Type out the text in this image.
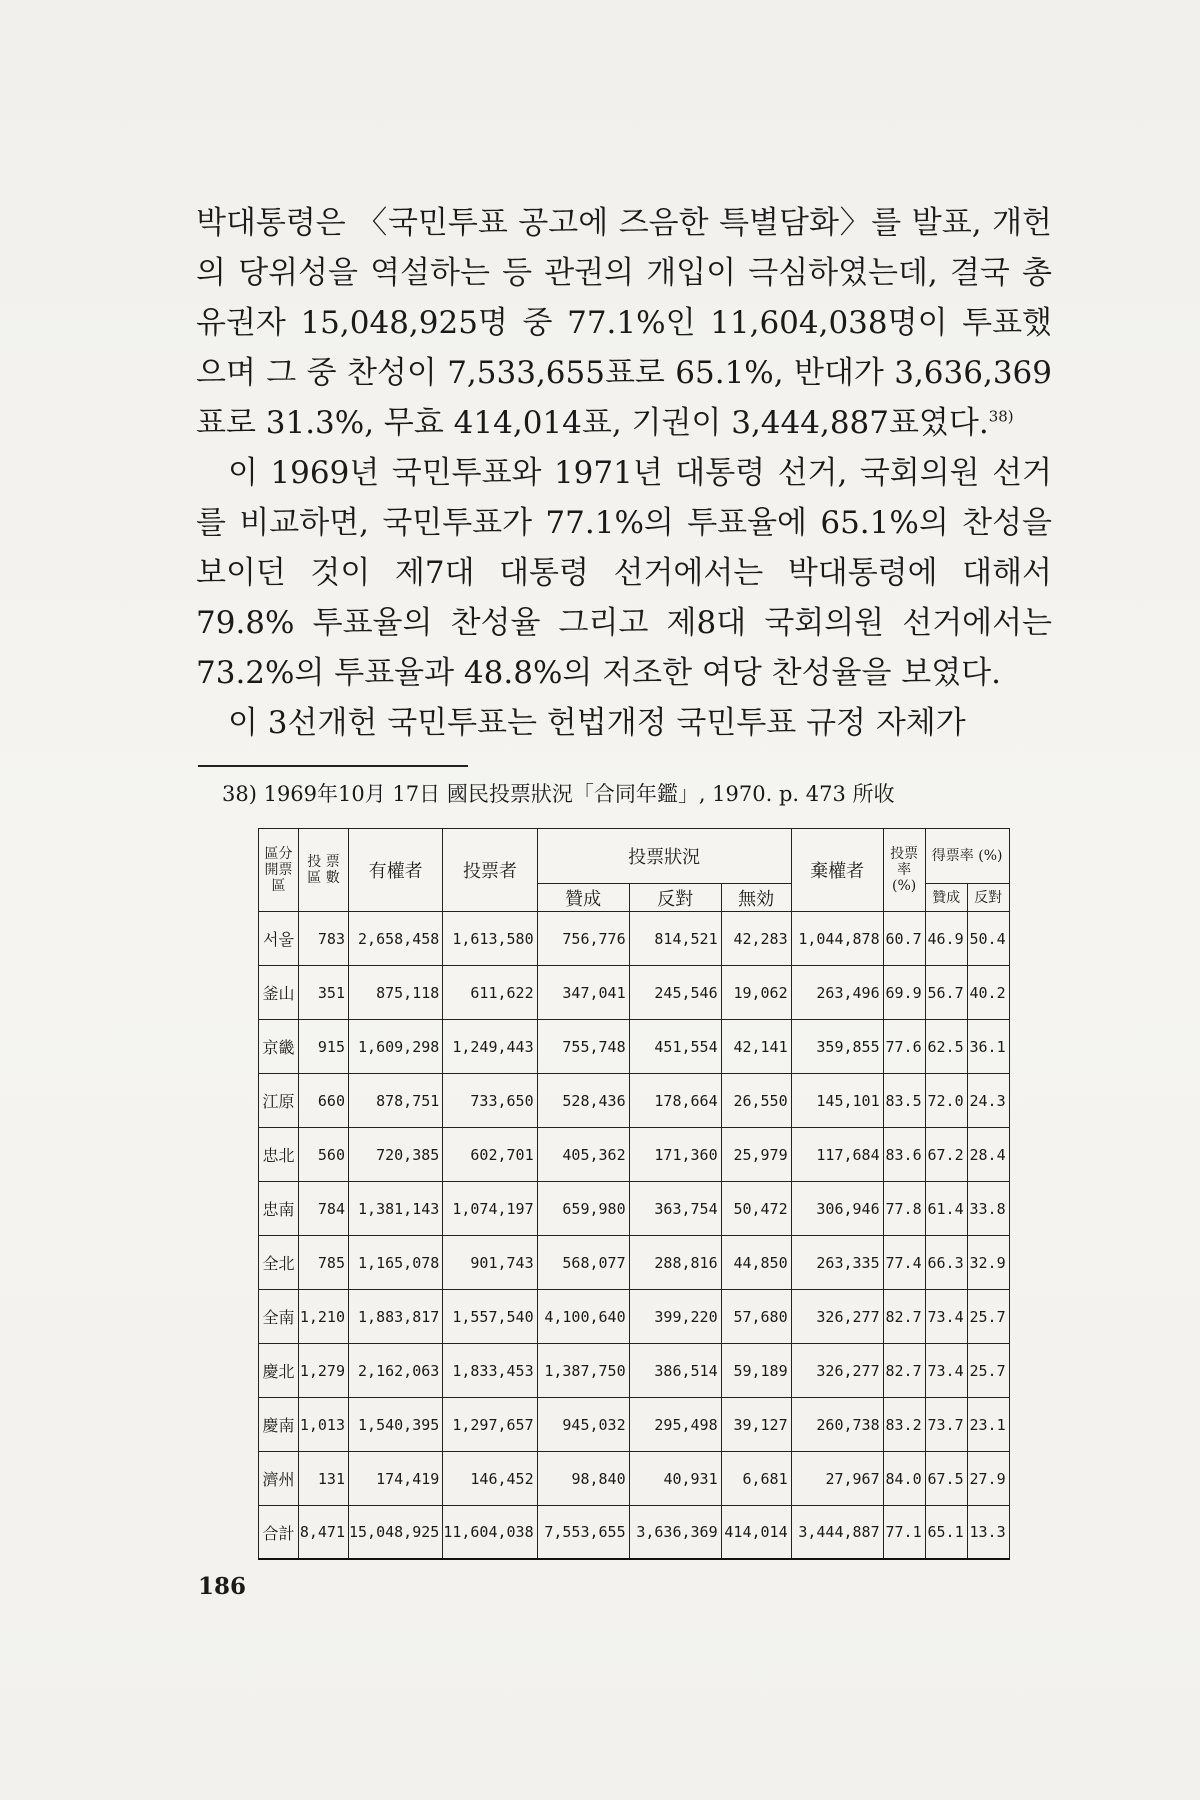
박대통령은 〈국민투표 공고에 즈음한 특별담화〉를 발표, 개헌의 당위성을 역설하는 등 관권의 개입이 극심하였는데, 결국 총유권자 15,048,925명 중 77.1%인 11,604,038명이 투표했으며 그 중 찬성이 7,533,655표로 65.1%, 반대가 3,636,369표로 31.3%, 무효 414,014표, 기권이 3,444,887표였다.$^{38)}$

이 1969년 국민투표와 1971년 대통령 선거, 국회의원 선거를 비교하면, 국민투표가 77.1%의 투표율에 65.1%의 찬성을 보이던 것이 제7대 대통령 선거에서는 박대통령에 대해서 79.8% 투표율의 찬성율 그리고 제8대 국회의원 선거에서는 73.2%의 투표율과 48.8%의 저조한 여당 찬성율을 보였다.

이 3선개헌 국민투표는 헌법개정 국민투표 규정 자체가

38) 1969年10月 17日 國民投票狀況「合同年鑑」, 1970. p. 473 所收
區分 開票區	投 票 區 數	有權者	投票者	投票狀況			棄權者	投票率 (%)	得票率 (%)	
				贊成	反對	無効			贊成	反對
서울	783	2,658,458	1,613,580	756,776	814,521	42,283	1,044,878	60.7	46.9	50.4
釜山	351	875,118	611,622	347,041	245,546	19,062	263,496	69.9	56.7	40.2
京畿	915	1,609,298	1,249,443	755,748	451,554	42,141	359,855	77.6	62.5	36.1
江原	660	878,751	733,650	528,436	178,664	26,550	145,101	83.5	72.0	24.3
忠北	560	720,385	602,701	405,362	171,360	25,979	117,684	83.6	67.2	28.4
忠南	784	1,381,143	1,074,197	659,980	363,754	50,472	306,946	77.8	61.4	33.8
全北	785	1,165,078	901,743	568,077	288,816	44,850	263,335	77.4	66.3	32.9
全南	1,210	1,883,817	1,557,540	4,100,640	399,220	57,680	326,277	82.7	73.4	25.7
慶北	1,279	2,162,063	1,833,453	1,387,750	386,514	59,189	326,277	82.7	73.4	25.7
慶南	1,013	1,540,395	1,297,657	945,032	295,498	39,127	260,738	83.2	73.7	23.1
濟州	131	174,419	146,452	98,840	40,931	6,681	27,967	84.0	67.5	27.9
合計	8,471	15,048,925	11,604,038	7,553,655	3,636,369	414,014	3,444,887	77.1	65.1	13.3
186
